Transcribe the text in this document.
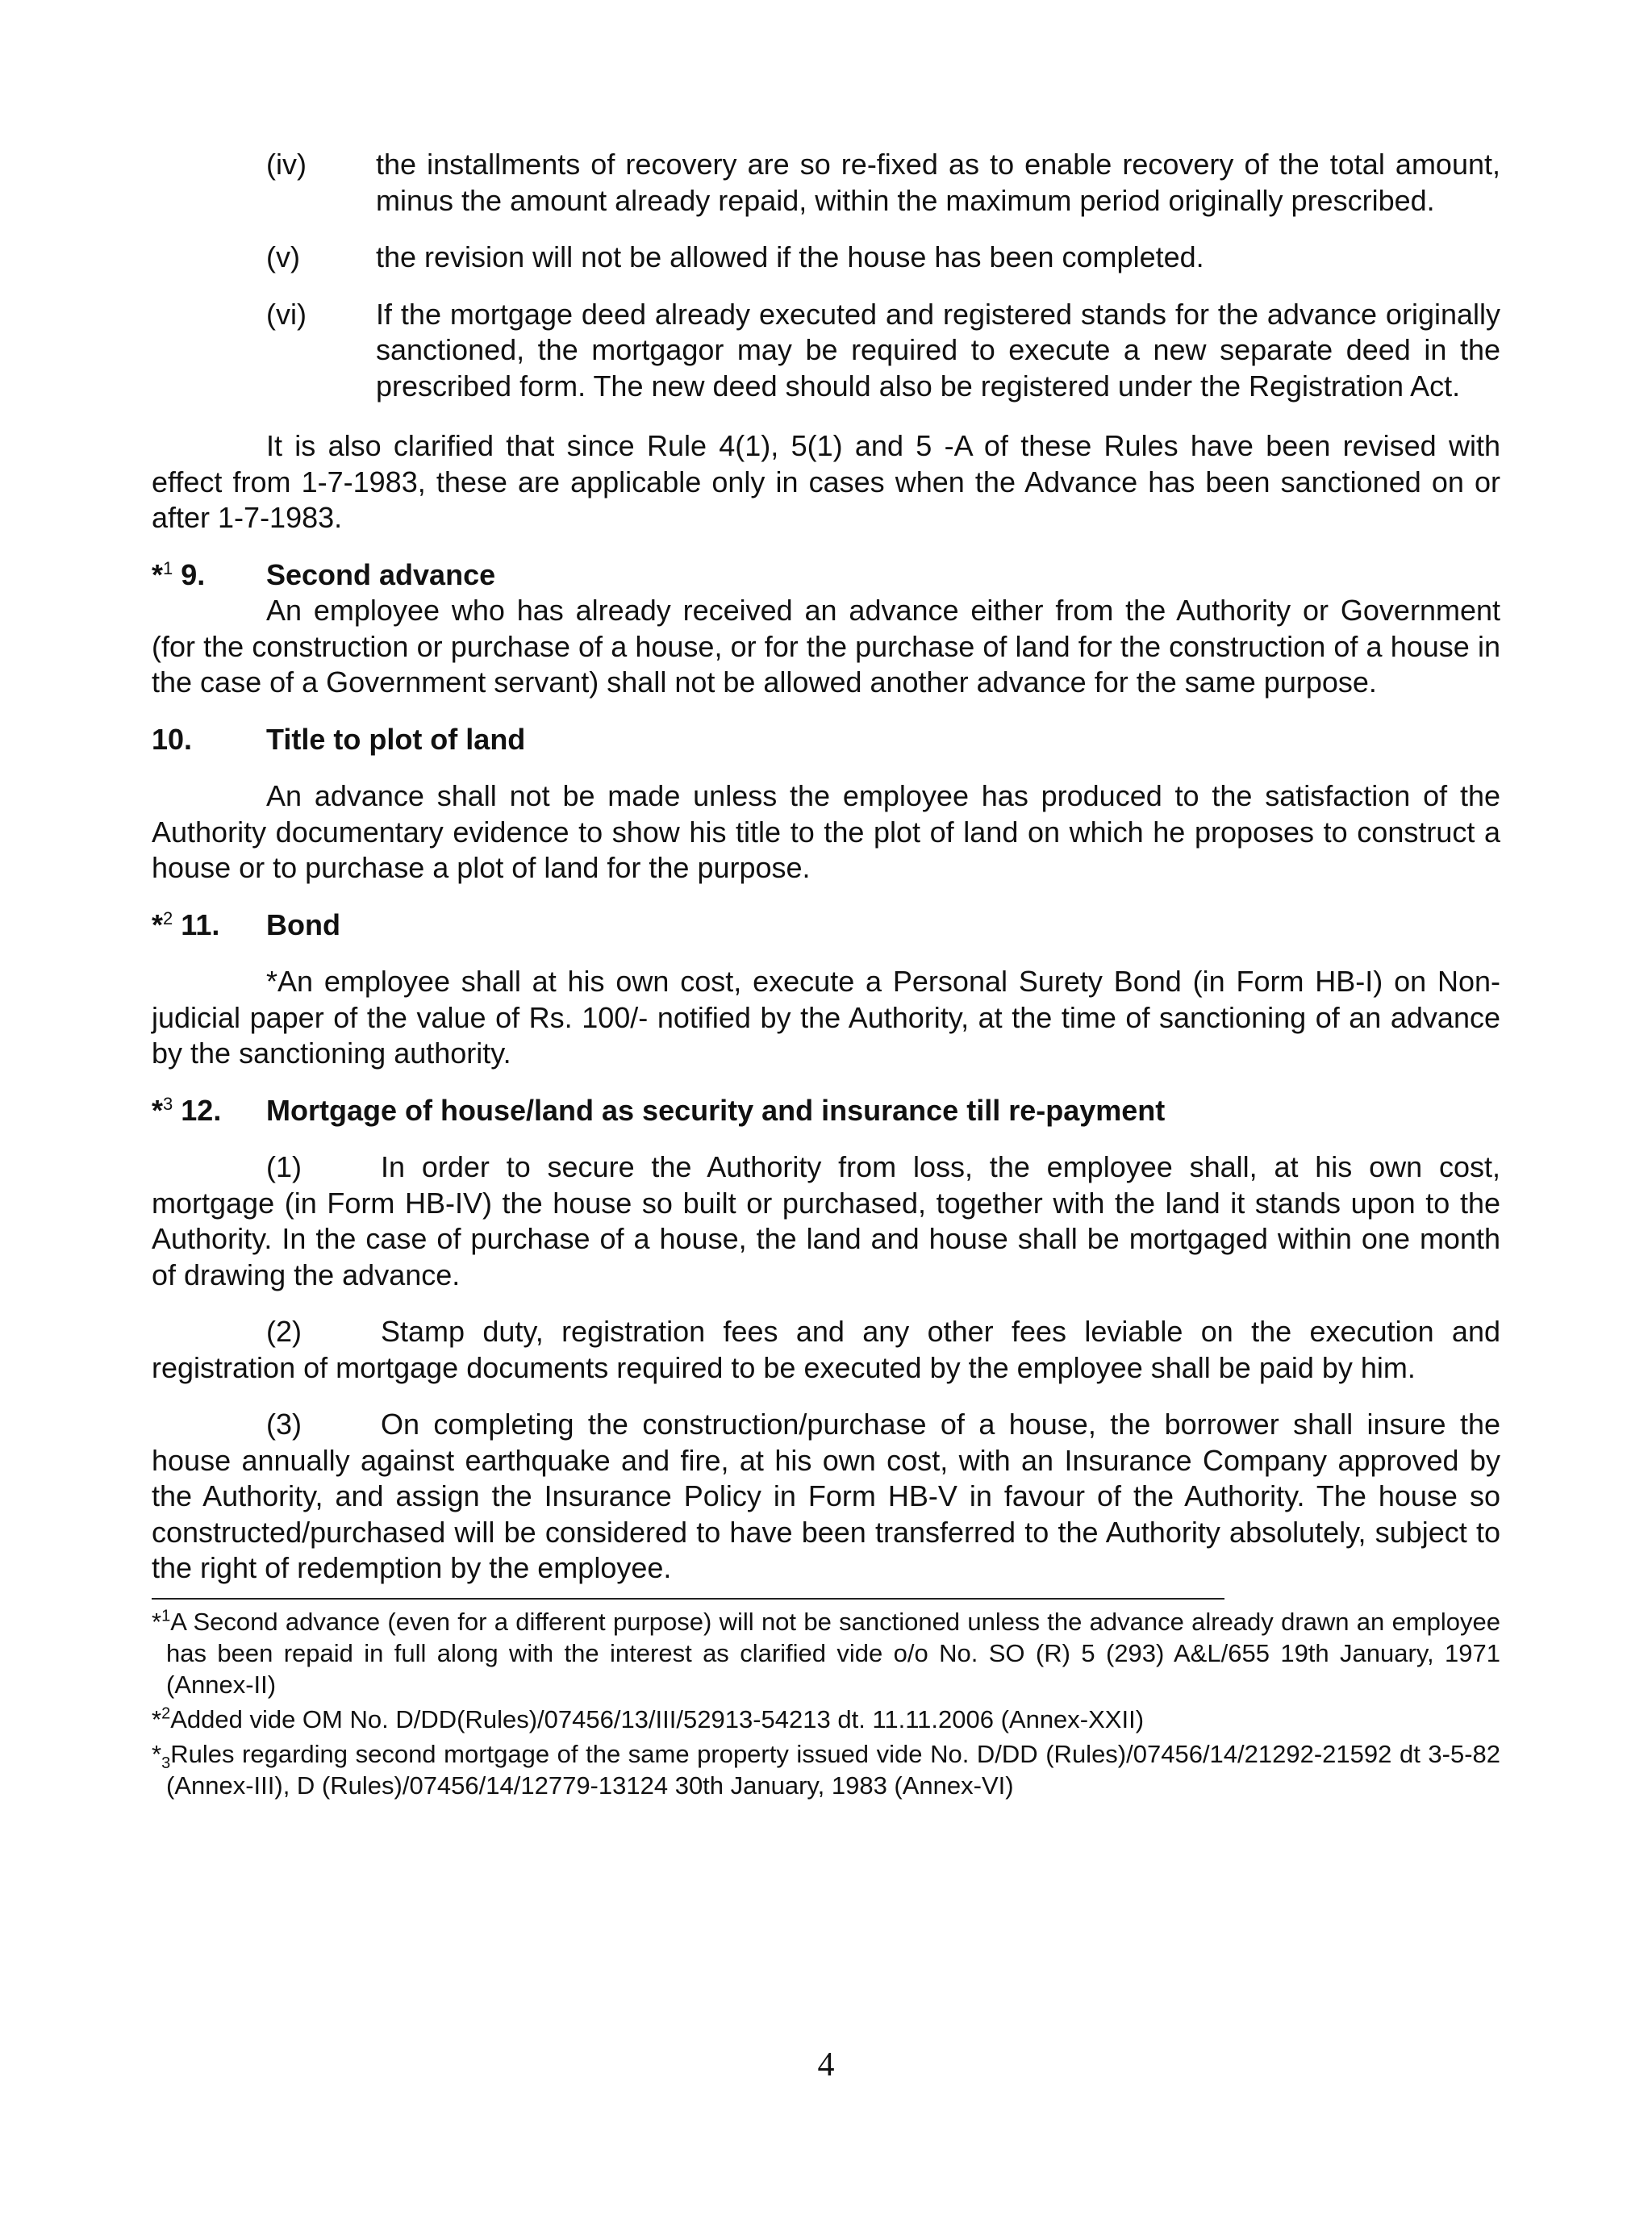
(iv) the installments of recovery are so re-fixed as to enable recovery of the total amount, minus the amount already repaid, within the maximum period originally prescribed.
(v)	the revision will not be allowed if the house has been completed.
(vi) If the mortgage deed already executed and registered stands for the advance originally sanctioned, the mortgagor may be required to execute a new separate deed in the prescribed form. The new deed should also be registered under the Registration Act.
It is also clarified that since Rule 4(1), 5(1) and 5 -A of these Rules have been revised with effect from 1-7-1983, these are applicable only in cases when the Advance has been sanctioned on or after 1-7-1983.
*$^1$ 9. Second advance
An employee who has already received an advance either from the Authority or Government (for the construction or purchase of a house, or for the purchase of land for the construction of a house in the case of a Government servant) shall not be allowed another advance for the same purpose.
10.	Title to plot of land
An advance shall not be made unless the employee has produced to the satisfaction of the Authority documentary evidence to show his title to the plot of land on which he proposes to construct a house or to purchase a plot of land for the purpose.
*$^2$ 11. Bond
*An employee shall at his own cost, execute a Personal Surety Bond (in Form HB-I) on Non-judicial paper of the value of Rs. 100/- notified by the Authority, at the time of sanctioning of an advance by the sanctioning authority.
*$^3$ 12. Mortgage of house/land as security and insurance till re-payment
(1)	In order to secure the Authority from loss, the employee shall, at his own cost, mortgage (in Form HB-IV) the house so built or purchased, together with the land it stands upon to the Authority. In the case of purchase of a house, the land and house shall be mortgaged within one month of drawing the advance.
(2)	Stamp duty, registration fees and any other fees leviable on the execution and registration of mortgage documents required to be executed by the employee shall be paid by him.
(3)	On completing the construction/purchase of a house, the borrower shall insure the house annually against earthquake and fire, at his own cost, with an Insurance Company approved by the Authority, and assign the Insurance Policy in Form HB-V in favour of the Authority. The house so constructed/purchased will be considered to have been transferred to the Authority absolutely, subject to the right of redemption by the employee.
*$^1$A Second advance (even for a different purpose) will not be sanctioned unless the advance already drawn an employee has been repaid in full along with the interest as clarified vide o/o No. SO (R) 5 (293) A&L/655 19th January, 1971 (Annex-II)
*$^2$Added vide OM No. D/DD(Rules)/07456/13/III/52913-54213 dt. 11.11.2006 (Annex-XXII)
$*_3Rules$ regarding second mortgage of the same property issued vide No. D/DD (Rules)/07456/14/21292-21592 dt 3-5-82 (Annex-III), D (Rules)/07456/14/12779-13124 30th January, 1983 (Annex-VI)
4
